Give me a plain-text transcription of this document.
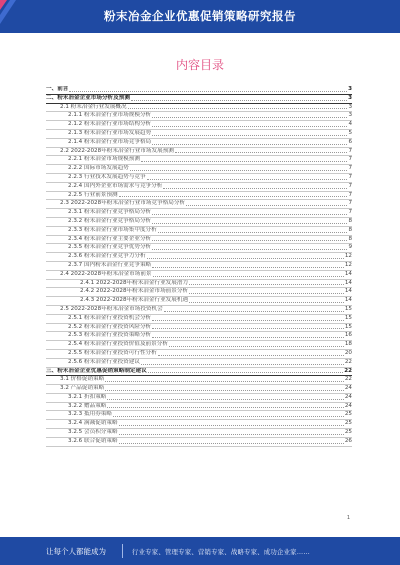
粉末冶金企业优惠促销策略研究报告
内容目录
一、前言	3
二、粉末冶金企业市场分析及预测	3
2.1 粉末冶金行业发展概况	3
2.1.1 粉末冶金行业市场规模分析	3
2.1.2 粉末冶金行业市场结构分析	4
2.1.3 粉末冶金行业市场发展趋势	5
2.1.4 粉末冶金行业市场竞争格局	6
2.2 2022-2028年粉末冶金行业市场发展预测	7
2.2.1 粉末冶金市场规模预测	7
2.2.2 国际市场发展趋势	7
2.2.3 行业技术发展趋势与竞争	7
2.2.4 国内外企业市场需求与竞争分析	7
2.2.5 行业前景预测	7
2.3 2022-2028年粉末冶金行业市场竞争格局分析	7
2.3.1 粉末冶金行业竞争格局分析	7
2.3.2 粉末冶金行业竞争格局分析	8
2.3.3 粉末冶金行业市场集中度分析	8
2.3.4 粉末冶金行业主要企业分析	8
2.3.5 粉末冶金行业竞争优势分析	9
2.3.6 粉末冶金行业竞争力分析	12
2.3.7 国内粉末冶金行业竞争策略	12
2.4 2022-2028年粉末冶金市场前景	14
2.4.1 2022-2028年粉末冶金行业发展潜力	14
2.4.2 2022-2028年粉末冶金市场前景分析	14
2.4.3 2022-2028年粉末冶金行业发展机遇	14
2.5 2022-2028年粉末冶金市场投资机会	15
2.5.1 粉末冶金行业投资机会分析	15
2.5.2 粉末冶金行业投资风险分析	15
2.5.3 粉末冶金行业投资策略分析	16
2.5.4 粉末冶金行业投资价值及前景分析	18
2.5.5 粉末冶金行业投资可行性分析	20
2.5.6 粉末冶金行业投资建议	22
三、粉末冶金企业优惠促销策略制定建议	22
3.1 价格促销策略	22
3.2 产品促销策略	24
3.2.1 折扣策略	24
3.2.2 赠品策略	24
3.2.3 抵用券策略	25
3.2.4 满减促销策略	25
3.2.5 会员积分策略	25
3.2.6 联合促销策略	26
1
让每个人都能成为	行业专家、管理专家、营销专家、战略专家、成功企业家……
